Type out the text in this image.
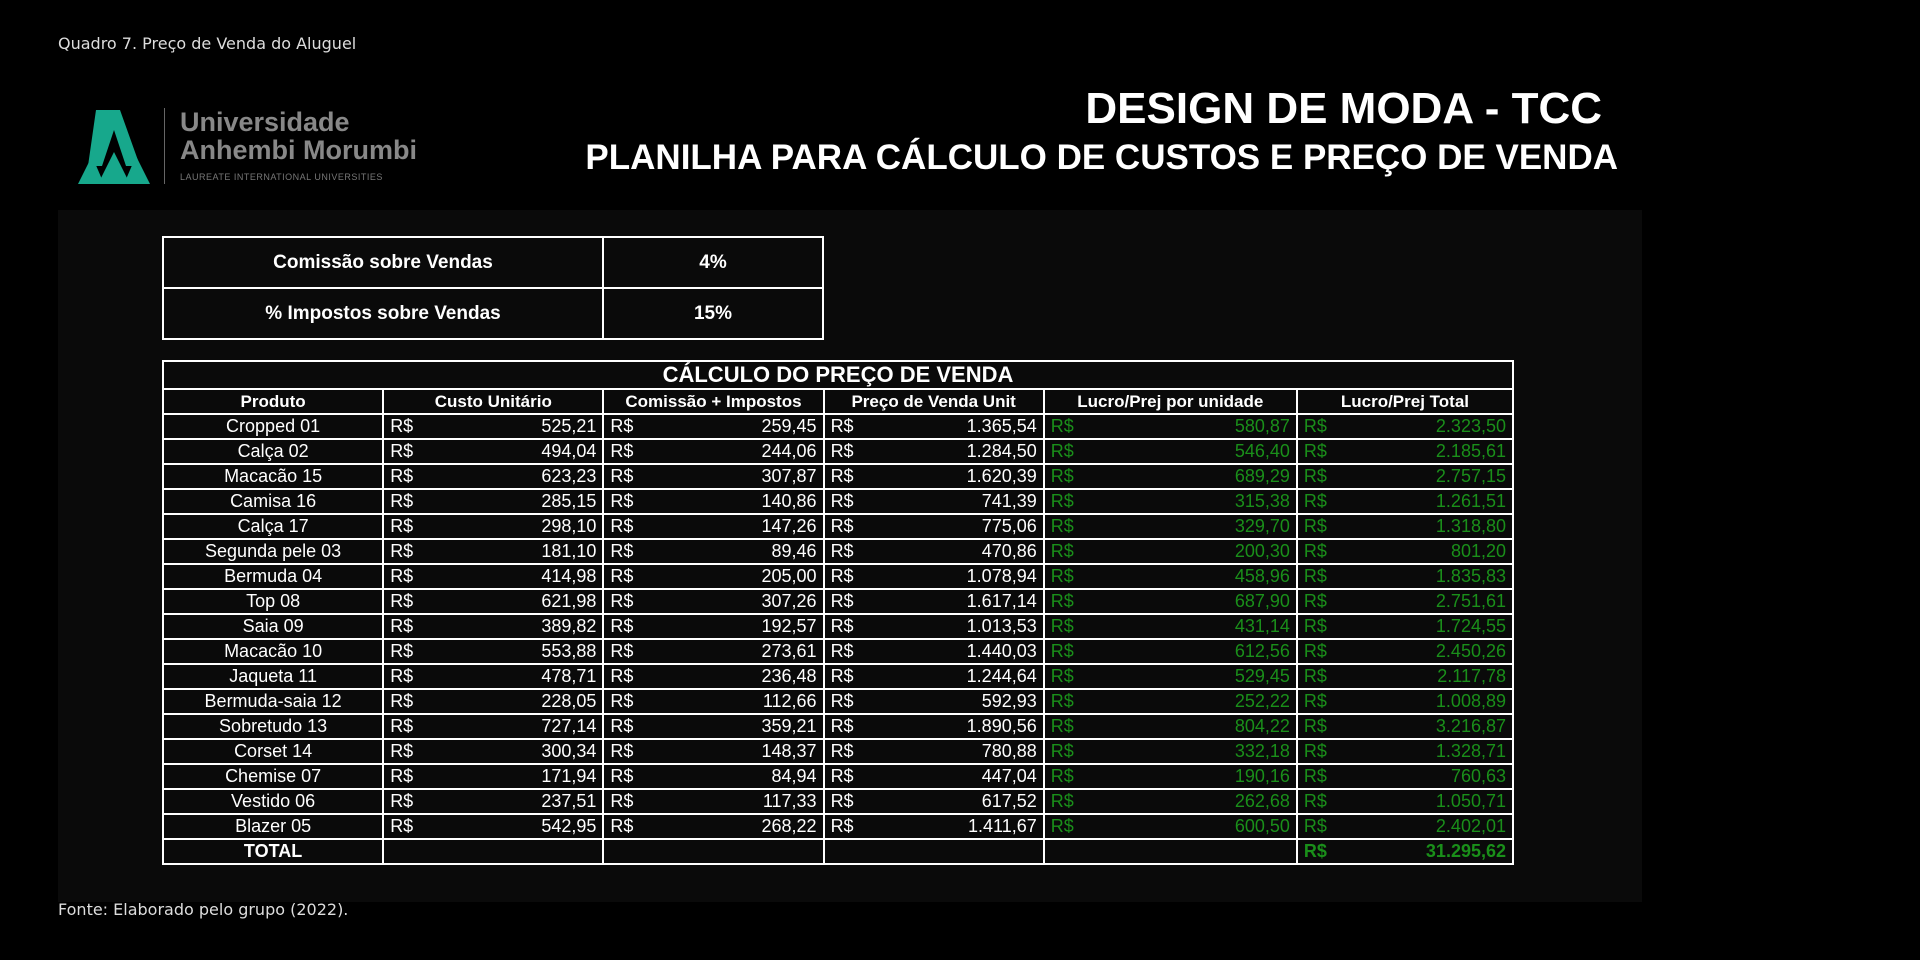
Quadro 7. Preço de Venda do Aluguel
Universidade
Anhembi Morumbi
LAUREATE INTERNATIONAL UNIVERSITIES
DESIGN DE MODA - TCC
PLANILHA PARA CÁLCULO DE CUSTOS E PREÇO DE VENDA
Comissão sobre Vendas	4%
% Impostos sobre Vendas	15%
CÁLCULO DO PREÇO DE VENDA					
Produto	Custo Unitário	Comissão + Impostos	Preço de Venda Unit	Lucro/Prej por unidade	Lucro/Prej Total
Cropped 01	R$ 525,21	R$ 259,45	R$ 1.365,54	R$ 580,87	R$ 2.323,50

Calça 02	R$ 494,04	R$ 244,06	R$ 1.284,50	R$ 546,40	R$ 2.185,61

Macacão 15	R$ 623,23	R$ 307,87	R$ 1.620,39	R$ 689,29	R$ 2.757,15

Camisa 16	R$ 285,15	R$ 140,86	R$ 741,39	R$ 315,38	R$ 1.261,51

Calça 17	R$ 298,10	R$ 147,26	R$ 775,06	R$ 329,70	R$ 1.318,80

Segunda pele 03	R$ 181,10	R$ 89,46	R$ 470,86	R$ 200,30	R$ 801,20

Bermuda 04	R$ 414,98	R$ 205,00	R$ 1.078,94	R$ 458,96	R$ 1.835,83

Top 08	R$ 621,98	R$ 307,26	R$ 1.617,14	R$ 687,90	R$ 2.751,61

Saia 09	R$ 389,82	R$ 192,57	R$ 1.013,53	R$ 431,14	R$ 1.724,55

Macacão 10	R$ 553,88	R$ 273,61	R$ 1.440,03	R$ 612,56	R$ 2.450,26

Jaqueta 11	R$ 478,71	R$ 236,48	R$ 1.244,64	R$ 529,45	R$ 2.117,78

Bermuda-saia 12	R$ 228,05	R$ 112,66	R$ 592,93	R$ 252,22	R$ 1.008,89

Sobretudo 13	R$ 727,14	R$ 359,21	R$ 1.890,56	R$ 804,22	R$ 3.216,87

Corset 14	R$ 300,34	R$ 148,37	R$ 780,88	R$ 332,18	R$ 1.328,71

Chemise 07	R$ 171,94	R$ 84,94	R$ 447,04	R$ 190,16	R$ 760,63

Vestido 06	R$ 237,51	R$ 117,33	R$ 617,52	R$ 262,68	R$ 1.050,71

Blazer 05	R$ 542,95	R$ 268,22	R$ 1.411,67	R$ 600,50	R$ 2.402,01

TOTAL					R$ 31.295,62
Fonte: Elaborado pelo grupo (2022).
